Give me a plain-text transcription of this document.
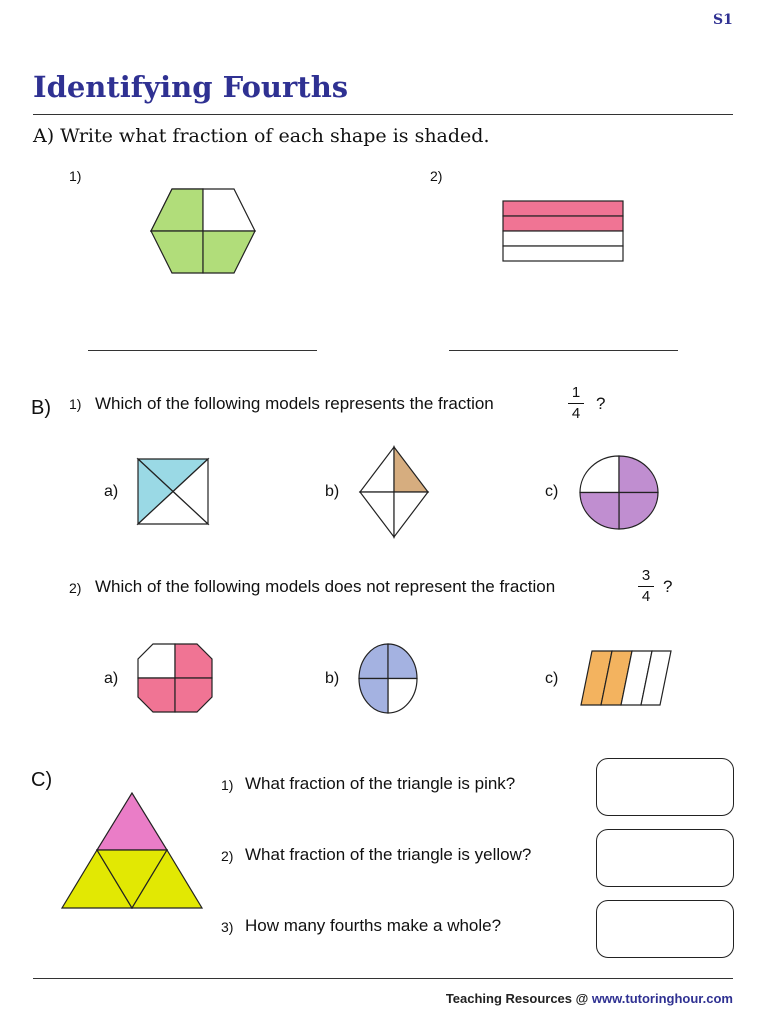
S1
Identifying Fourths
A) Write what fraction of each shape is shaded.
1)	2)
B) 1) Which of the following models represents the fraction
1
4
?
a)	b)	c)
2) Which of the following models does not represent the fraction
3
4
?
a)	b)	c)
C)	1) What fraction of the triangle is pink?
2) What fraction of the triangle is yellow?
3) How many fourths make a whole?
Teaching Resources @ www.tutoringhour.com
